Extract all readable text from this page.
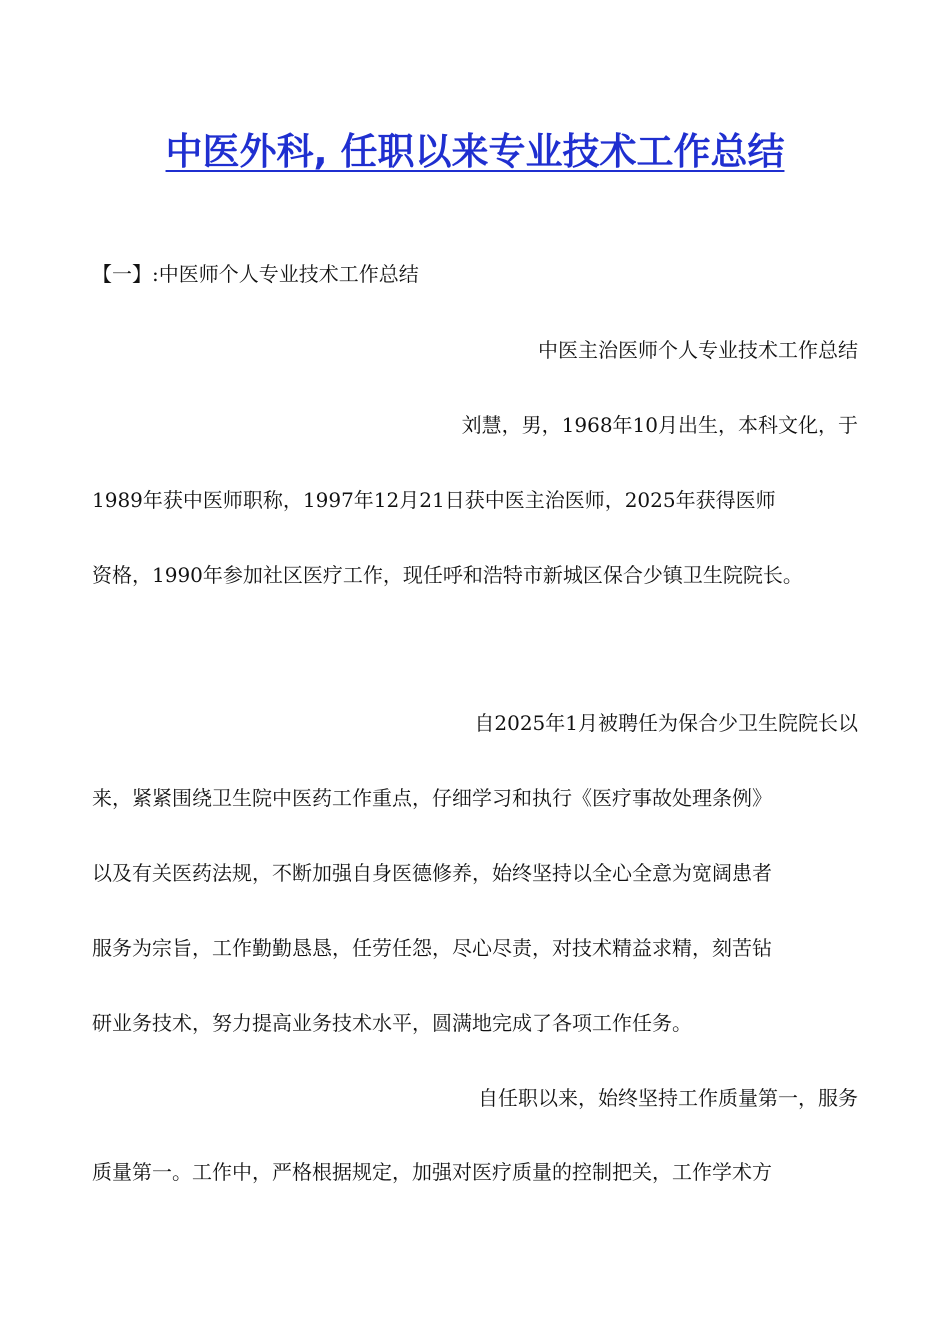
中医外科, 任职以来专业技术工作总结
【一】:中医师个人专业技术工作总结
中医主治医师个人专业技术工作总结
刘慧，男，1968年10月出生，本科文化，于
1989年获中医师职称，1997年12月21日获中医主治医师，2025年获得医师
资格，1990年参加社区医疗工作，现任呼和浩特市新城区保合少镇卫生院院长。
自2025年1月被聘任为保合少卫生院院长以
来，紧紧围绕卫生院中医药工作重点，仔细学习和执行《医疗事故处理条例》
以及有关医药法规，不断加强自身医德修养，始终坚持以全心全意为宽阔患者
服务为宗旨，工作勤勤恳恳，任劳任怨，尽心尽责，对技术精益求精，刻苦钻
研业务技术，努力提高业务技术水平，圆满地完成了各项工作任务。
自任职以来，始终坚持工作质量第一，服务
质量第一。工作中，严格根据规定，加强对医疗质量的控制把关，工作学术方
